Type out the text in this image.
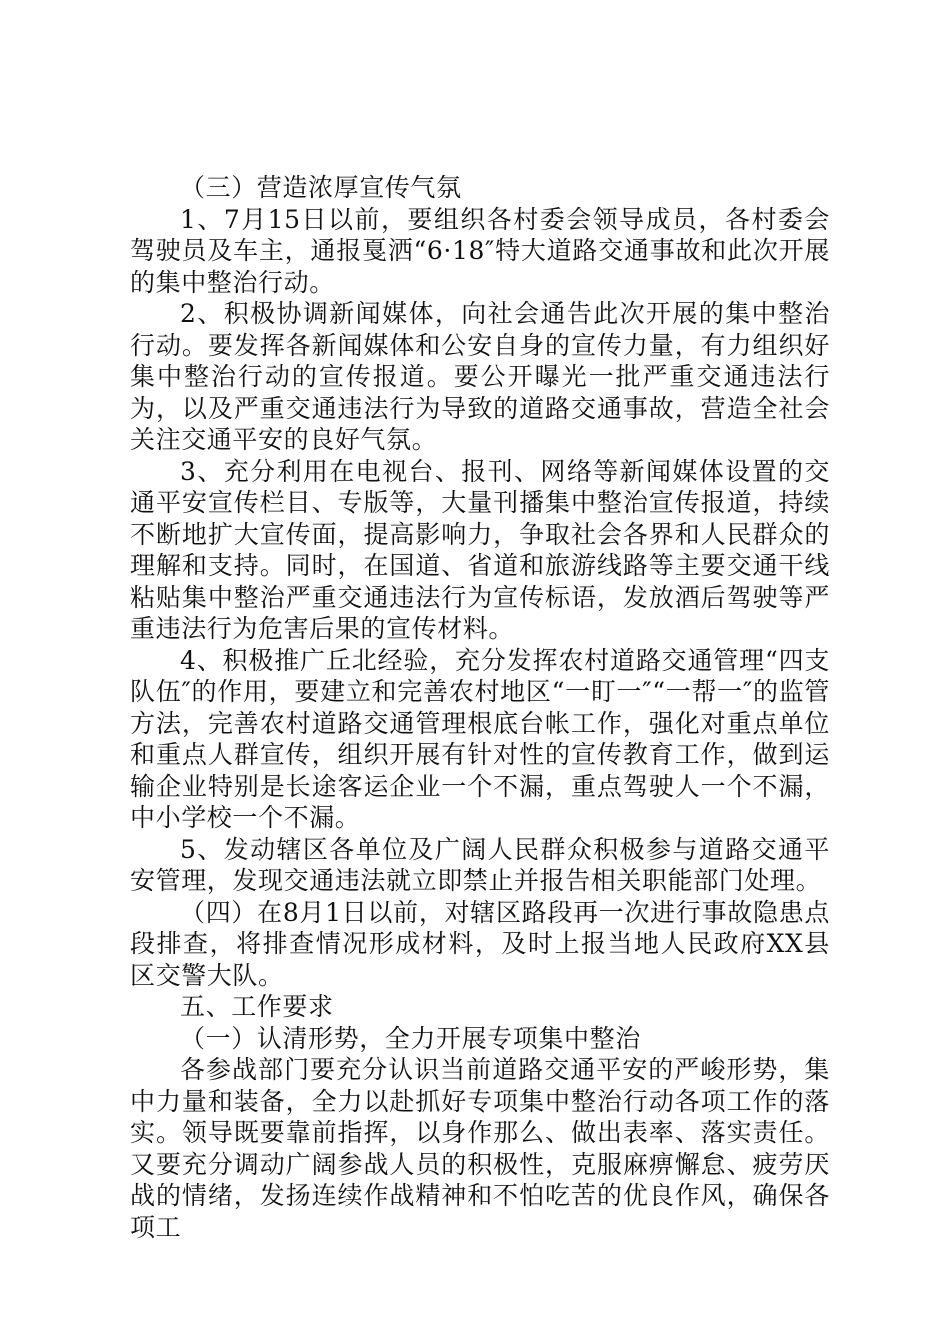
（三）营造浓厚宣传气氛

1、7月15日以前，要组织各村委会领导成员，各村委会驾驶员及车主，通报戛洒“6·18″特大道路交通事故和此次开展的集中整治行动。

2、积极协调新闻媒体，向社会通告此次开展的集中整治行动。要发挥各新闻媒体和公安自身的宣传力量，有力组织好集中整治行动的宣传报道。要公开曝光一批严重交通违法行为，以及严重交通违法行为导致的道路交通事故，营造全社会关注交通平安的良好气氛。

3、充分利用在电视台、报刊、网络等新闻媒体设置的交通平安宣传栏目、专版等，大量刊播集中整治宣传报道，持续不断地扩大宣传面，提高影响力，争取社会各界和人民群众的理解和支持。同时，在国道、省道和旅游线路等主要交通干线粘贴集中整治严重交通违法行为宣传标语，发放酒后驾驶等严重违法行为危害后果的宣传材料。

4、积极推广丘北经验，充分发挥农村道路交通管理“四支队伍″的作用，要建立和完善农村地区“一盯一″“一帮一″的监管方法，完善农村道路交通管理根底台帐工作，强化对重点单位和重点人群宣传，组织开展有针对性的宣传教育工作，做到运输企业特别是长途客运企业一个不漏，重点驾驶人一个不漏，中小学校一个不漏。

5、发动辖区各单位及广阔人民群众积极参与道路交通平安管理，发现交通违法就立即禁止并报告相关职能部门处理。

（四）在8月1日以前，对辖区路段再一次进行事故隐患点段排查，将排查情况形成材料，及时上报当地人民政府XX县区交警大队。

五、工作要求

（一）认清形势，全力开展专项集中整治

各参战部门要充分认识当前道路交通平安的严峻形势，集中力量和装备，全力以赴抓好专项集中整治行动各项工作的落实。领导既要靠前指挥，以身作那么、做出表率、落实责任。又要充分调动广阔参战人员的积极性，克服麻痹懈怠、疲劳厌战的情绪，发扬连续作战精神和不怕吃苦的优良作风，确保各项工
